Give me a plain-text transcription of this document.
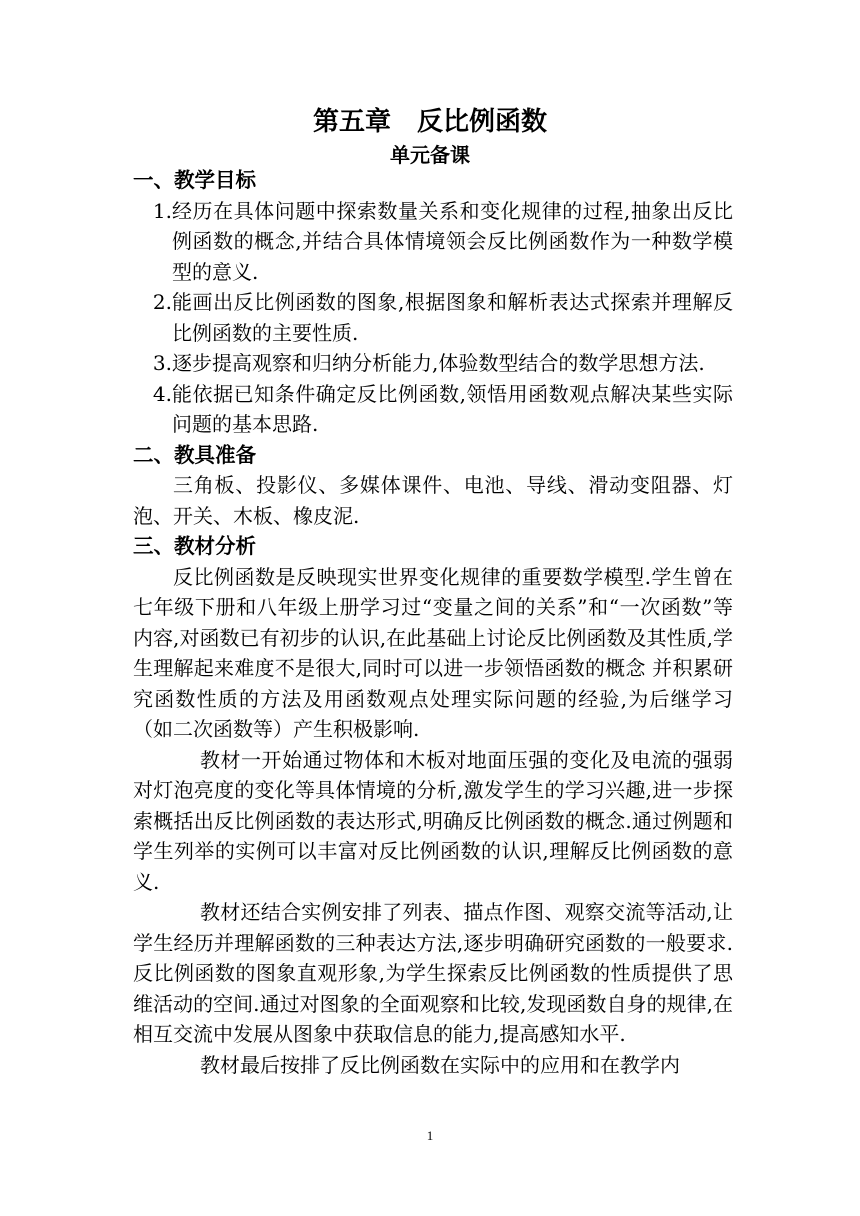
第五章　反比例函数
单元备课
一、教学目标
1. 经历在具体问题中探索数量关系和变化规律的过程,抽象出反比例函数的概念,并结合具体情境领会反比例函数作为一种数学模型的意义.
2. 能画出反比例函数的图象,根据图象和解析表达式探索并理解反比例函数的主要性质.
3. 逐步提高观察和归纳分析能力,体验数型结合的数学思想方法.
4. 能依据已知条件确定反比例函数,领悟用函数观点解决某些实际问题的基本思路.
二、教具准备

三角板、投影仪、多媒体课件、电池、导线、滑动变阻器、灯泡、开关、木板、橡皮泥.

三、教材分析

反比例函数是反映现实世界变化规律的重要数学模型.学生曾在七年级下册和八年级上册学习过“变量之间的关系”和“一次函数”等内容,对函数已有初步的认识,在此基础上讨论反比例函数及其性质,学生理解起来难度不是很大,同时可以进一步领悟函数的概念 并积累研究函数性质的方法及用函数观点处理实际问题的经验,为后继学习（如二次函数等）产生积极影响.

教材一开始通过物体和木板对地面压强的变化及电流的强弱对灯泡亮度的变化等具体情境的分析,激发学生的学习兴趣,进一步探索概括出反比例函数的表达形式,明确反比例函数的概念.通过例题和学生列举的实例可以丰富对反比例函数的认识,理解反比例函数的意义.

教材还结合实例安排了列表、描点作图、观察交流等活动,让学生经历并理解函数的三种表达方法,逐步明确研究函数的一般要求.反比例函数的图象直观形象,为学生探索反比例函数的性质提供了思维活动的空间.通过对图象的全面观察和比较,发现函数自身的规律,在相互交流中发展从图象中获取信息的能力,提高感知水平.

教材最后按排了反比例函数在实际中的应用和在教学内

1
